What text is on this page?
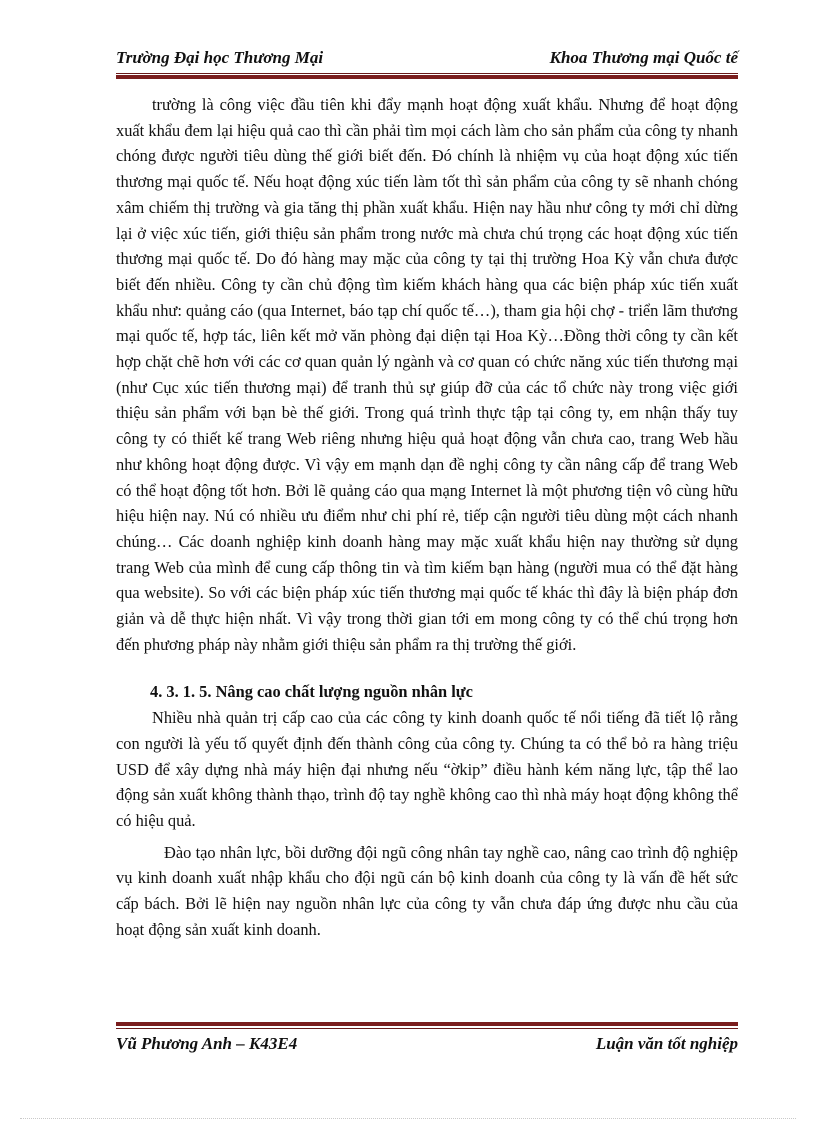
Trường Đại học Thương Mại	Khoa Thương mại Quốc tế

trường là công việc đầu tiên khi đẩy mạnh hoạt động xuất khẩu. Nhưng để hoạt động xuất khẩu đem lại hiệu quả cao thì cần phải tìm mọi cách làm cho sản phẩm của công ty nhanh chóng được người tiêu dùng thế giới biết đến. Đó chính là nhiệm vụ của hoạt động xúc tiến thương mại quốc tế. Nếu hoạt động xúc tiến làm tốt thì sản phẩm của công ty sẽ nhanh chóng xâm chiếm thị trường và gia tăng thị phần xuất khẩu. Hiện nay hầu như công ty mới chỉ dừng lại ở việc xúc tiến, giới thiệu sản phẩm trong nước mà chưa chú trọng các hoạt động xúc tiến thương mại quốc tế. Do đó hàng may mặc của công ty tại thị trường Hoa Kỳ vẫn chưa được biết đến nhiều. Công ty cần chủ động tìm kiếm khách hàng qua các biện pháp xúc tiến xuất khẩu như: quảng cáo (qua Internet, báo tạp chí quốc tế…), tham gia hội chợ - triển lãm thương mại quốc tế, hợp tác, liên kết mở văn phòng đại diện tại Hoa Kỳ…Đồng thời công ty cần kết hợp chặt chẽ hơn với các cơ quan quản lý ngành và cơ quan có chức năng xúc tiến thương mại (như Cục xúc tiến thương mại) để tranh thủ sự giúp đỡ của các tổ chức này trong việc giới thiệu sản phẩm với bạn bè thế giới. Trong quá trình thực tập tại công ty, em nhận thấy tuy công ty có thiết kế trang Web riêng nhưng hiệu quả hoạt động vẫn chưa cao, trang Web hầu như không hoạt động được. Vì vậy em mạnh dạn đề nghị công ty cần nâng cấp để trang Web có thể hoạt động tốt hơn. Bởi lẽ quảng cáo qua mạng Internet là một phương tiện vô cùng hữu hiệu hiện nay. Nú có nhiều ưu điểm như chi phí rẻ, tiếp cận người tiêu dùng một cách nhanh chúng… Các doanh nghiệp kinh doanh hàng may mặc xuất khẩu hiện nay thường sử dụng trang Web của mình để cung cấp thông tin và tìm kiếm bạn hàng (người mua có thể đặt hàng qua website). So với các biện pháp xúc tiến thương mại quốc tế khác thì đây là biện pháp đơn giản và dễ thực hiện nhất. Vì vậy trong thời gian tới em mong công ty có thể chú trọng hơn đến phương pháp này nhằm giới thiệu sản phẩm ra thị trường thế giới.

4. 3. 1. 5. Nâng cao chất lượng nguồn nhân lực

Nhiều nhà quản trị cấp cao của các công ty kinh doanh quốc tế nổi tiếng đã tiết lộ rằng con người là yếu tố quyết định đến thành công của công ty. Chúng ta có thể bỏ ra hàng triệu USD để xây dựng nhà máy hiện đại nhưng nếu “ờkip” điều hành kém năng lực, tập thể lao động sản xuất không thành thạo, trình độ tay nghề không cao thì nhà máy hoạt động không thể có hiệu quả.

Đào tạo nhân lực, bồi dưỡng đội ngũ công nhân tay nghề cao, nâng cao trình độ nghiệp vụ kinh doanh xuất nhập khẩu cho đội ngũ cán bộ kinh doanh của công ty là vấn đề hết sức cấp bách. Bởi lẽ hiện nay nguồn nhân lực của công ty vẫn chưa đáp ứng được nhu cầu của hoạt động sản xuất kinh doanh.

Vũ Phương Anh – K43E4	Luận văn tốt nghiệp
